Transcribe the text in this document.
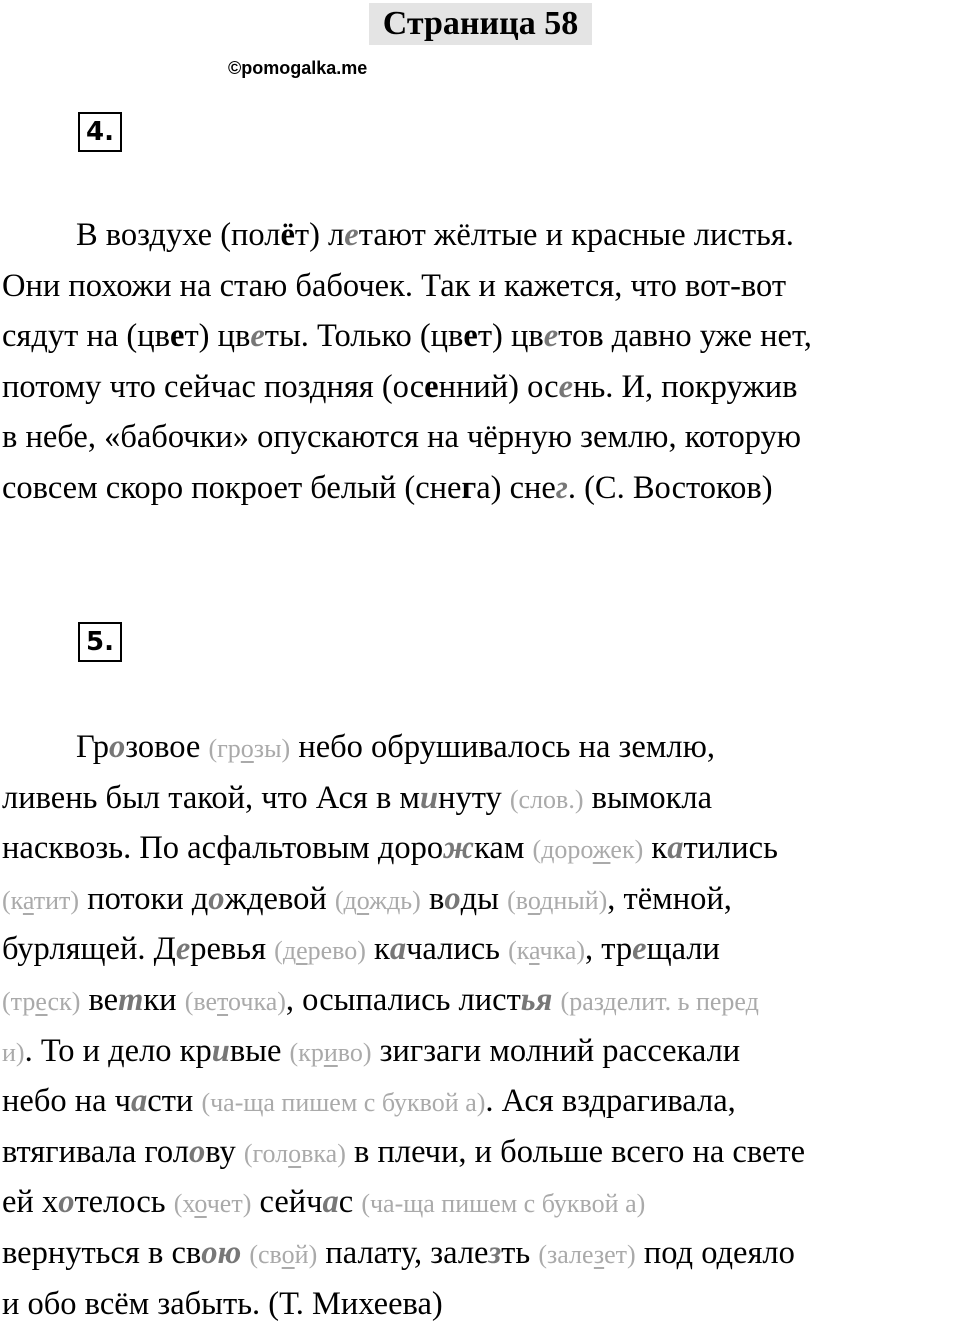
Страница 58
©pomogalka.me
4.
В воздухе (полёт) летают жёлтые и красные листья.
Они похожи на стаю бабочек. Так и кажется, что вот-вот
сядут на (цвет) цветы. Только (цвет) цветов давно уже нет,
потому что сейчас поздняя (осенний) осень. И, покружив
в небе, «бабочки» опускаются на чёрную землю, которую
совсем скоро покроет белый (снега) снег. (С. Востоков)
5.
Грозовое (грозы) небо обрушивалось на землю,
ливень был такой, что Ася в минуту (слов.) вымокла
насквозь. По асфальтовым дорожкам (дорожек) катились
(катит) потоки дождевой (дождь) воды (водный), тёмной,
бурлящей. Деревья (дерево) качались (качка), трещали
(треск) ветки (веточка), осыпались листья (разделит. ь перед
и). То и дело кривые (криво) зигзаги молний рассекали
небо на части (ча-ща пишем с буквой а). Ася вздрагивала,
втягивала голову (головка) в плечи, и больше всего на свете
ей хотелось (хочет) сейчас (ча-ща пишем с буквой а)
вернуться в свою (свой) палату, залезть (залезет) под одеяло
и обо всём забыть. (Т. Михеева)
